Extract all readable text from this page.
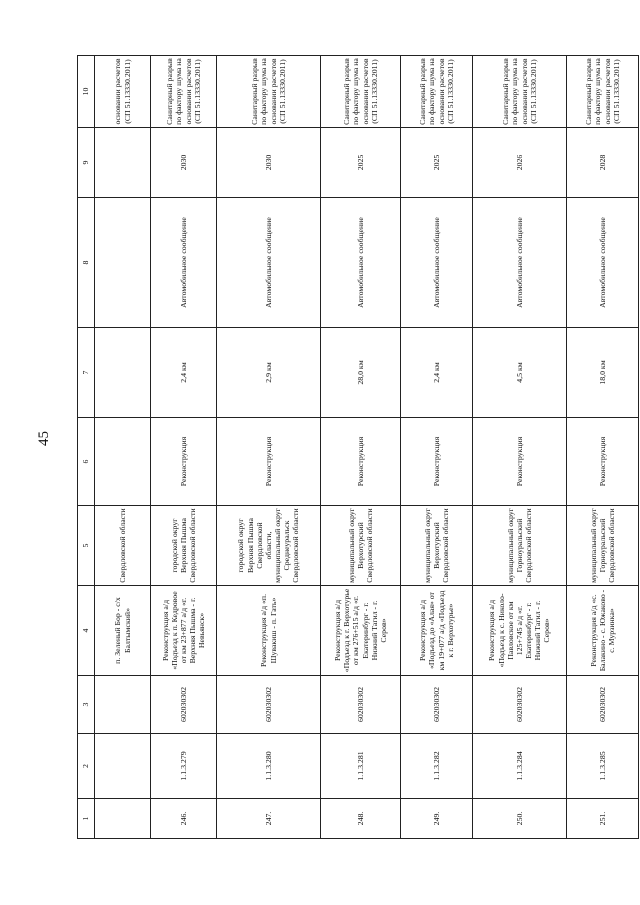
45
1	2	3	4	5	6	7	8	9	10
			п. Зеленый Бор - с/х Балтымский»	Свердловской области					основании расчетов (СП 51.13330.2011)
246.	1.1.3.279	602030302	Реконструкция а/д «Подъезд к п. Кедровое от км 23+877 а/д «г. Верхняя Пышма - г. Невьянск»	городской округ Верхняя Пышма Свердловской области	Реконструкция	2,4 км	Автомобильное сообщение	2030	Санитарный разрыв по фактору шума на основании расчетов (СП 51.13330.2011)
247.	1.1.3.280	602030302	Реконструкция а/д «п. Шувакиш - п. Гать»	городской округ Верхняя Пышма Свердловской области, муниципальный округ Среднеуральск Свердловской области	Реконструкция	2,9 км	Автомобильное сообщение	2030	Санитарный разрыв по фактору шума на основании расчетов (СП 51.13330.2011)
248.	1.1.3.281	602030302	Реконструкция а/д «Подъезд к г. Верхотурье от км 276+515 а/д «г. Екатеринбург - г. Нижний Тагил - г. Серов»	муниципальный округ Верхотурский Свердловской области	Реконструкция	28,0 км	Автомобильное сообщение	2025	Санитарный разрыв по фактору шума на основании расчетов (СП 51.13330.2011)
249.	1.1.3.282	602030302	Реконструкция а/д «Подъезд до «Алая» от км 19+077 а/д «Подъезд к г. Верхотурье»	муниципальный округ Верхотурский Свердловской области	Реконструкция	2,4 км	Автомобильное сообщение	2025	Санитарный разрыв по фактору шума на основании расчетов (СП 51.13330.2011)
250.	1.1.3.284	602030302	Реконструкция а/д «Подъезд к с. Николо-Павловское от км 125+745 а/д «г. Екатеринбург - г. Нижний Тагил - г. Серов»	муниципальный округ Горноуральский Свердловской области	Реконструкция	4,5 км	Автомобильное сообщение	2026	Санитарный разрыв по фактору шума на основании расчетов (СП 51.13330.2011)
251.	1.1.3.285	602030302	Реконструкция а/д «с. Балакино - с. Южаково - с. Мурзинка»	муниципальный округ Горноуральский Свердловской области	Реконструкция	18,0 км	Автомобильное сообщение	2028	Санитарный разрыв по фактору шума на основании расчетов (СП 51.13330.2011)
